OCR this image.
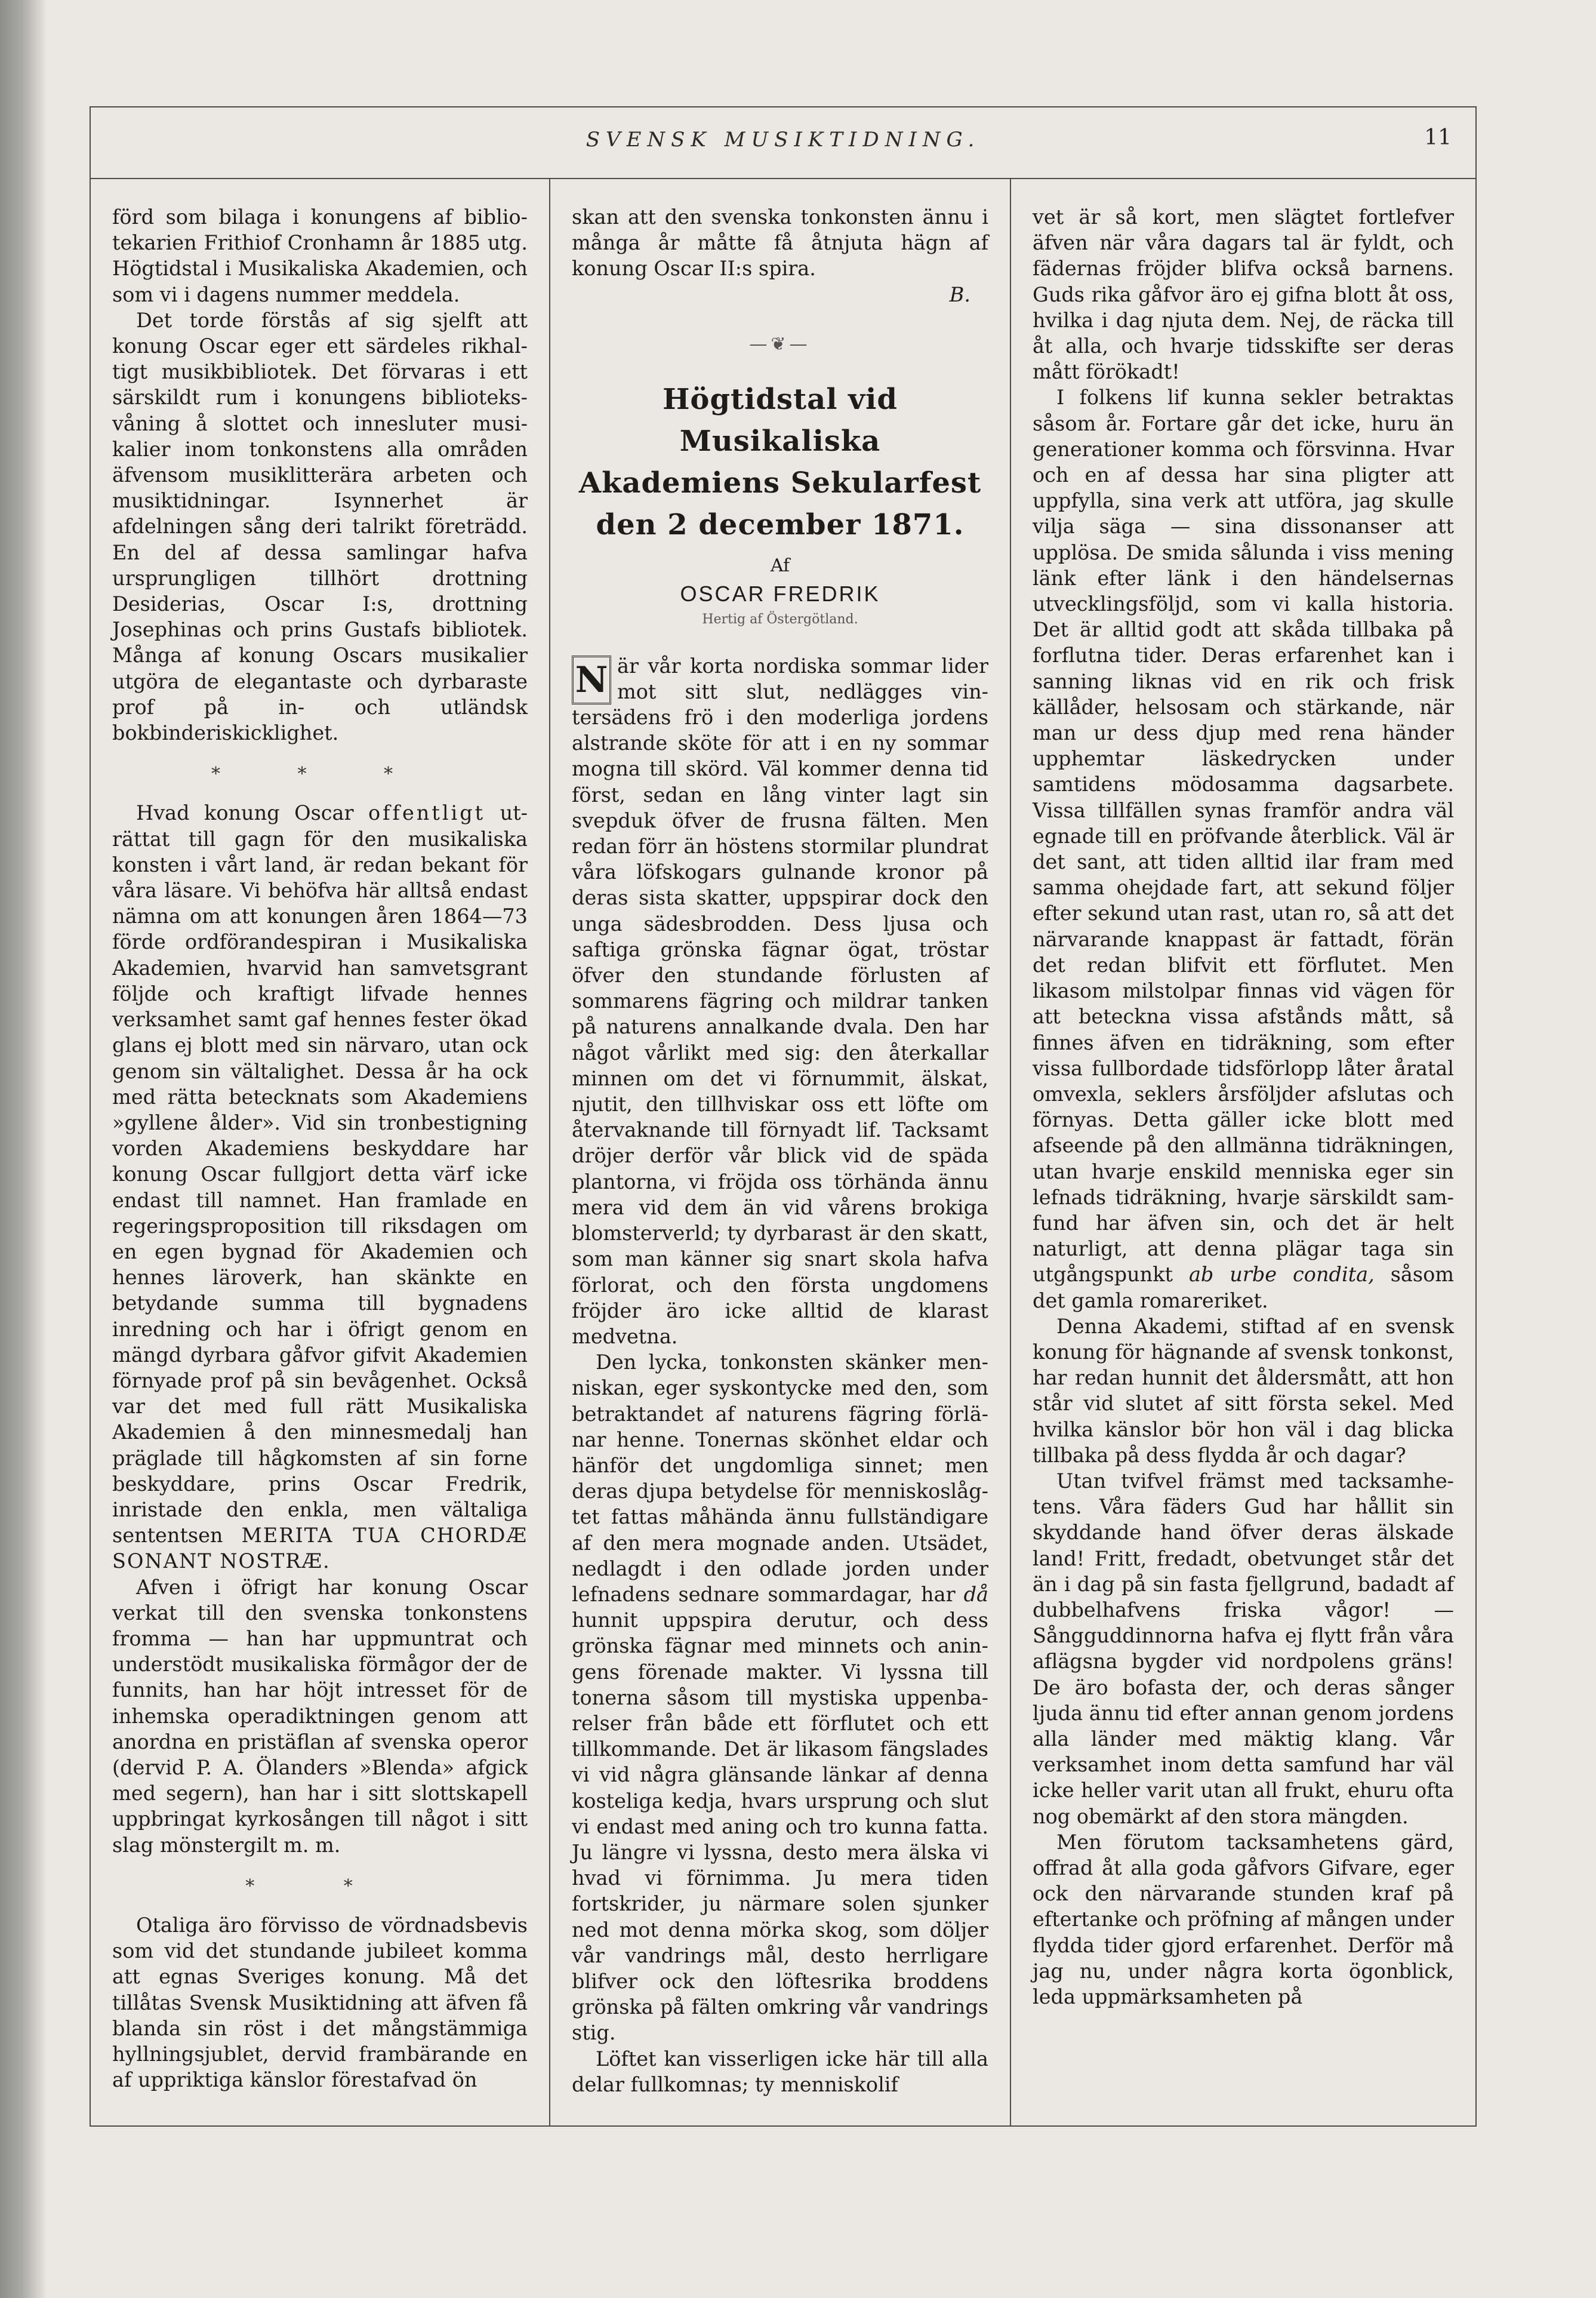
SVENSK MUSIKTIDNING.	11

förd som bilaga i konungens af bibliotekarien Frithiof Cronhamn år 1885 utg. Högtidstal i Musikaliska Akademien, och som vi i dagens nummer meddela.

Det torde förstås af sig sjelft att konung Oscar eger ett särdeles rikhaltigt musikbibliotek. Det förvaras i ett särskildt rum i konungens biblioteksvåning å slottet och innesluter musikalier inom tonkonstens alla områden äfvensom musiklitterära arbeten och musiktidningar. Isynnerhet är afdelningen sång deri talrikt företrädd. En del af dessa samlingar hafva ursprungligen tillhört drottning Desiderias, Oscar I:s, drottning Josephinas och prins Gustafs bibliotek. Många af konung Oscars musikalier utgöra de elegantaste och dyrbaraste prof på in- och utländsk bokbinderiskicklighet.

* * *

Hvad konung Oscar offentligt uträttat till gagn för den musikaliska konsten i vårt land, är redan bekant för våra läsare. Vi behöfva här alltså endast nämna om att konungen åren 1864—73 förde ordförandespiran i Musikaliska Akademien, hvarvid han samvetsgrant följde och kraftigt lifvade hennes verksamhet samt gaf hennes fester ökad glans ej blott med sin närvaro, utan ock genom sin vältalighet. Dessa år ha ock med rätta betecknats som Akademiens »gyllene ålder». Vid sin tronbestigning vorden Akademiens beskyddare har konung Oscar fullgjort detta värf icke endast till namnet. Han framlade en regeringsproposition till riksdagen om en egen bygnad för Akademien och hennes läroverk, han skänkte en betydande summa till bygnadens inredning och har i öfrigt genom en mängd dyrbara gåfvor gifvit Akademien förnyade prof på sin bevågenhet. Också var det med full rätt Musikaliska Akademien å den minnesmedalj han präglade till hågkomsten af sin forne beskyddare, prins Oscar Fredrik, inristade den enkla, men vältaliga sententsen MERITA TUA CHORDÆ SONANT NOSTRÆ.

Afven i öfrigt har konung Oscar verkat till den svenska tonkonstens fromma — han har uppmuntrat och understödt musikaliska förmågor der de funnits, han har höjt intresset för de inhemska operadiktningen genom att anordna en pristäflan af svenska operor (dervid P. A. Ölanders »Blenda» afgick med segern), han har i sitt slottskapell uppbringat kyrkosången till något i sitt slag mönstergilt m. m.

* *

Otaliga äro förvisso de vördnadsbevis som vid det stundande jubileet komma att egnas Sveriges konung. Må det tillåtas Svensk Musiktidning att äfven få blanda sin röst i det mångstämmiga hyllningsjublet, dervid frambärande en af uppriktiga känslor förestafvad ön

skan att den svenska tonkonsten ännu i många år måtte få åtnjuta hägn af konung Oscar II:s spira.

B.

—❦—
Högtidstal vid Musikaliska
Akademiens Sekularfest
den 2 december 1871.
Af
OSCAR FREDRIK
Hertig af Östergötland.

N är vår korta nordiska sommar lider mot sitt slut, nedlägges vintersädens frö i den moderliga jordens alstrande sköte för att i en ny sommar mogna till skörd. Väl kommer denna tid först, sedan en lång vinter lagt sin svepduk öfver de frusna fälten. Men redan förr än höstens stormilar plundrat våra löfskogars gulnande kronor på deras sista skatter, uppspirar dock den unga sädesbrodden. Dess ljusa och saftiga grönska fägnar ögat, tröstar öfver den stundande förlusten af sommarens fägring och mildrar tanken på naturens annalkande dvala. Den har något vårlikt med sig: den återkallar minnen om det vi förnummit, älskat, njutit, den tillhviskar oss ett löfte om återvaknande till förnyadt lif. Tacksamt dröjer derför vår blick vid de späda plantorna, vi fröjda oss törhända ännu mera vid dem än vid vårens brokiga blomsterverld; ty dyrbarast är den skatt, som man känner sig snart skola hafva förlorat, och den första ungdomens fröjder äro icke alltid de klarast medvetna.

Den lycka, tonkonsten skänker menniskan, eger syskontycke med den, som betraktandet af naturens fägring förlänar henne. Tonernas skönhet eldar och hänför det ungdomliga sinnet; men deras djupa betydelse för menniskoslågtet fattas måhända ännu fullständigare af den mera mognade anden. Utsädet, nedlagdt i den odlade jorden under lefnadens sednare sommardagar, har då hunnit uppspira derutur, och dess grönska fägnar med minnets och aningens förenade makter. Vi lyssna till tonerna såsom till mystiska uppenbarelser från både ett förflutet och ett tillkommande. Det är likasom fängslades vi vid några glänsande länkar af denna kosteliga kedja, hvars ursprung och slut vi endast med aning och tro kunna fatta. Ju längre vi lyssna, desto mera älska vi hvad vi förnimma. Ju mera tiden fortskrider, ju närmare solen sjunker ned mot denna mörka skog, som döljer vår vandrings mål, desto herrligare blifver ock den löftesrika broddens grönska på fälten omkring vår vandrings stig.

Löftet kan visserligen icke här till alla delar fullkomnas; ty menniskolif

vet är så kort, men slägtet fortlefver äfven när våra dagars tal är fyldt, och fädernas fröjder blifva också barnens. Guds rika gåfvor äro ej gifna blott åt oss, hvilka i dag njuta dem. Nej, de räcka till åt alla, och hvarje tidsskifte ser deras mått förökadt!

I folkens lif kunna sekler betraktas såsom år. Fortare går det icke, huru än generationer komma och försvinna. Hvar och en af dessa har sina pligter att uppfylla, sina verk att utföra, jag skulle vilja säga — sina dissonanser att upplösa. De smida sålunda i viss mening länk efter länk i den händelsernas utvecklingsföljd, som vi kalla historia. Det är alltid godt att skåda tillbaka på forflutna tider. Deras erfarenhet kan i sanning liknas vid en rik och frisk källåder, helsosam och stärkande, när man ur dess djup med rena händer upphemtar läskedrycken under samtidens mödosamma dagsarbete. Vissa tillfällen synas framför andra väl egnade till en pröfvande återblick. Väl är det sant, att tiden alltid ilar fram med samma ohejdade fart, att sekund följer efter sekund utan rast, utan ro, så att det närvarande knappast är fattadt, förän det redan blifvit ett förflutet. Men likasom milstolpar finnas vid vägen för att beteckna vissa afstånds mått, så finnes äfven en tidräkning, som efter vissa fullbordade tidsförlopp låter åratal omvexla, seklers årsföljder afslutas och förnyas. Detta gäller icke blott med afseende på den allmänna tidräkningen, utan hvarje enskild menniska eger sin lefnads tidräkning, hvarje särskildt samfund har äfven sin, och det är helt naturligt, att denna plägar taga sin utgångspunkt ab urbe condita, såsom det gamla romareriket.

Denna Akademi, stiftad af en svensk konung för hägnande af svensk tonkonst, har redan hunnit det åldersmått, att hon står vid slutet af sitt första sekel. Med hvilka känslor bör hon väl i dag blicka tillbaka på dess flydda år och dagar?

Utan tvifvel främst med tacksamhetens. Våra fäders Gud har hållit sin skyddande hand öfver deras älskade land! Fritt, fredadt, obetvunget står det än i dag på sin fasta fjellgrund, badadt af dubbelhafvens friska vågor! — Sångguddinnorna hafva ej flytt från våra aflägsna bygder vid nordpolens gräns! De äro bofasta der, och deras sånger ljuda ännu tid efter annan genom jordens alla länder med mäktig klang. Vår verksamhet inom detta samfund har väl icke heller varit utan all frukt, ehuru ofta nog obemärkt af den stora mängden.

Men förutom tacksamhetens gärd, offrad åt alla goda gåfvors Gifvare, eger ock den närvarande stunden kraf på eftertanke och pröfning af mången under flydda tider gjord erfarenhet. Derför må jag nu, under några korta ögonblick, leda uppmärksamheten på
